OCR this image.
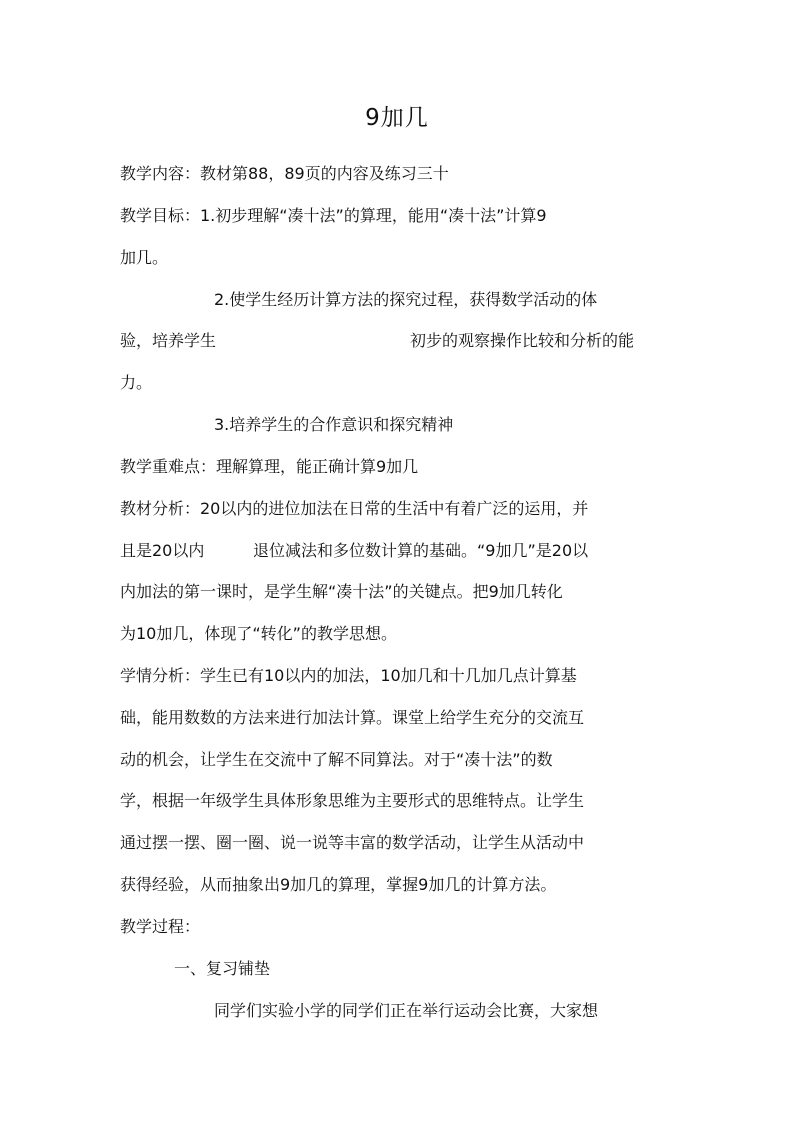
9加几
教学内容：教材第88，89页的内容及练习三十
教学目标：1.初步理解“凑十法”的算理，能用“凑十法”计算9
加几。
2.使学生经历计算方法的探究过程，获得数学活动的体
验，培养学生	初步的观察操作比较和分析的能
力。
3.培养学生的合作意识和探究精神
教学重难点：理解算理，能正确计算9加几
教材分析：20以内的进位加法在日常的生活中有着广泛的运用，并
且是20以内	退位减法和多位数计算的基础。“9加几”是20以
内加法的第一课时，是学生解“凑十法”的关键点。把9加几转化
为10加几，体现了“转化”的教学思想。
学情分析：学生已有10以内的加法，10加几和十几加几点计算基
础，能用数数的方法来进行加法计算。课堂上给学生充分的交流互
动的机会，让学生在交流中了解不同算法。对于“凑十法”的数
学，根据一年级学生具体形象思维为主要形式的思维特点。让学生
通过摆一摆、圈一圈、说一说等丰富的数学活动，让学生从活动中
获得经验，从而抽象出9加几的算理，掌握9加几的计算方法。
教学过程：
一、复习铺垫
同学们实验小学的同学们正在举行运动会比赛，大家想
